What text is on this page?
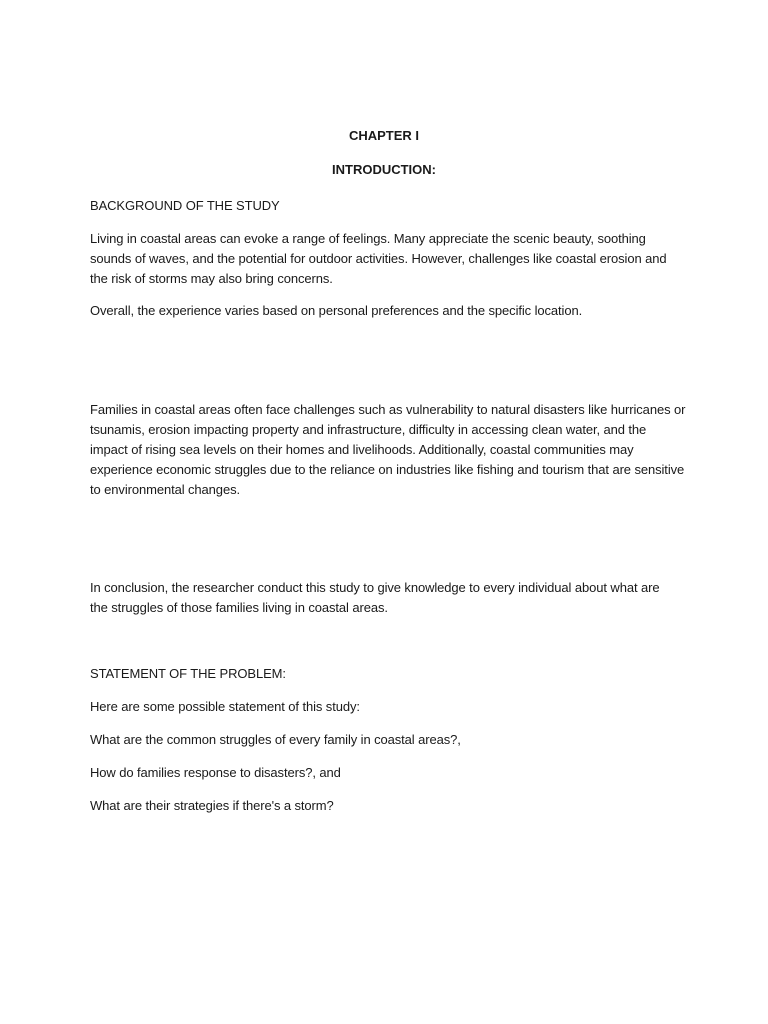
CHAPTER I

INTRODUCTION:

BACKGROUND OF THE STUDY

Living in coastal areas can evoke a range of feelings. Many appreciate the scenic beauty, soothing sounds of waves, and the potential for outdoor activities. However, challenges like coastal erosion and the risk of storms may also bring concerns.

Overall, the experience varies based on personal preferences and the specific location.

Families in coastal areas often face challenges such as vulnerability to natural disasters like hurricanes or tsunamis, erosion impacting property and infrastructure, difficulty in accessing clean water, and the impact of rising sea levels on their homes and livelihoods. Additionally, coastal communities may experience economic struggles due to the reliance on industries like fishing and tourism that are sensitive to environmental changes.

In conclusion, the researcher conduct this study to give knowledge to every individual about what are the struggles of those families living in coastal areas.

STATEMENT OF THE PROBLEM:

Here are some possible statement of this study:

What are the common struggles of every family in coastal areas?,

How do families response to disasters?, and

What are their strategies if there's a storm?
